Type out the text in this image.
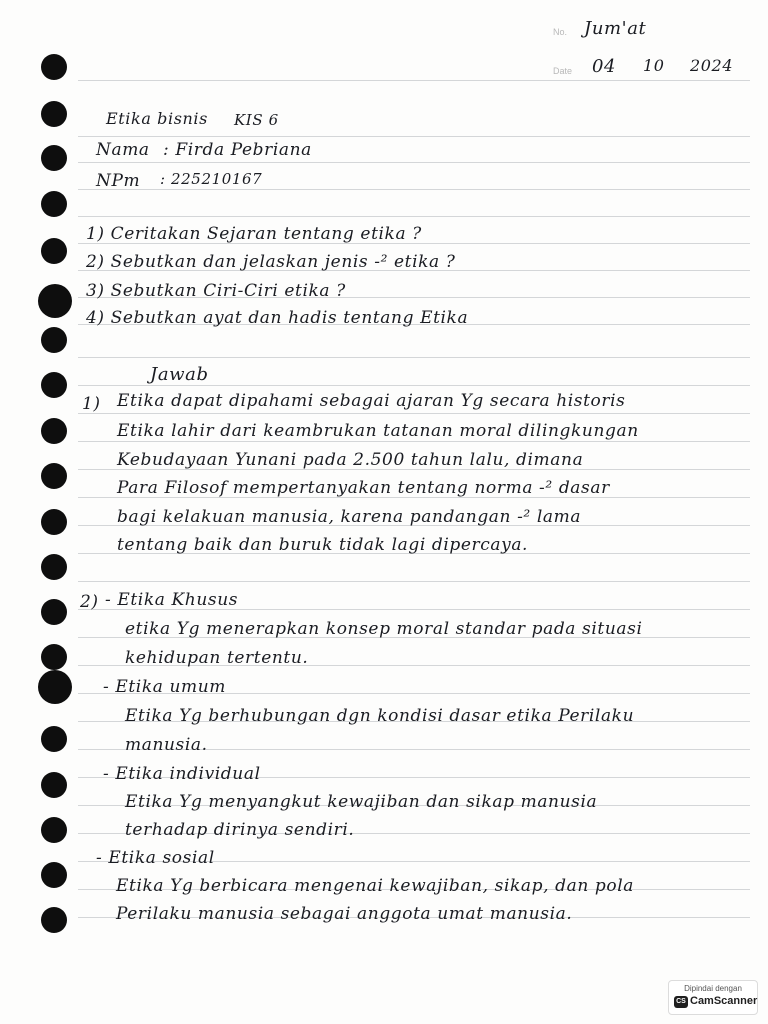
No. Jum'at
Date 04 10 2024
Etika bisnis KIS 6
Nama : Firda Pebriana
NPm : 225210167
1) Ceritakan Sejaran tentang etika ?
2) Sebutkan dan jelaskan jenis -² etika ?
3) Sebutkan Ciri-Ciri etika ?
4) Sebutkan ayat dan hadis tentang Etika
Jawab
1) Etika dapat dipahami sebagai ajaran Yg secara historis
Etika lahir dari keambrukan tatanan moral dilingkungan
Kebudayaan Yunani pada 2.500 tahun lalu, dimana
Para Filosof mempertanyakan tentang norma -² dasar
bagi kelakuan manusia, karena pandangan -² lama
tentang baik dan buruk tidak lagi dipercaya.
2) - Etika Khusus
etika Yg menerapkan konsep moral standar pada situasi
kehidupan tertentu.
- Etika umum
Etika Yg berhubungan dgn kondisi dasar etika Perilaku
manusia.
- Etika individual
Etika Yg menyangkut kewajiban dan sikap manusia
terhadap dirinya sendiri.
- Etika sosial
Etika Yg berbicara mengenai kewajiban, sikap, dan pola
Perilaku manusia sebagai anggota umat manusia.
Dipindai dengan
CS CamScanner
